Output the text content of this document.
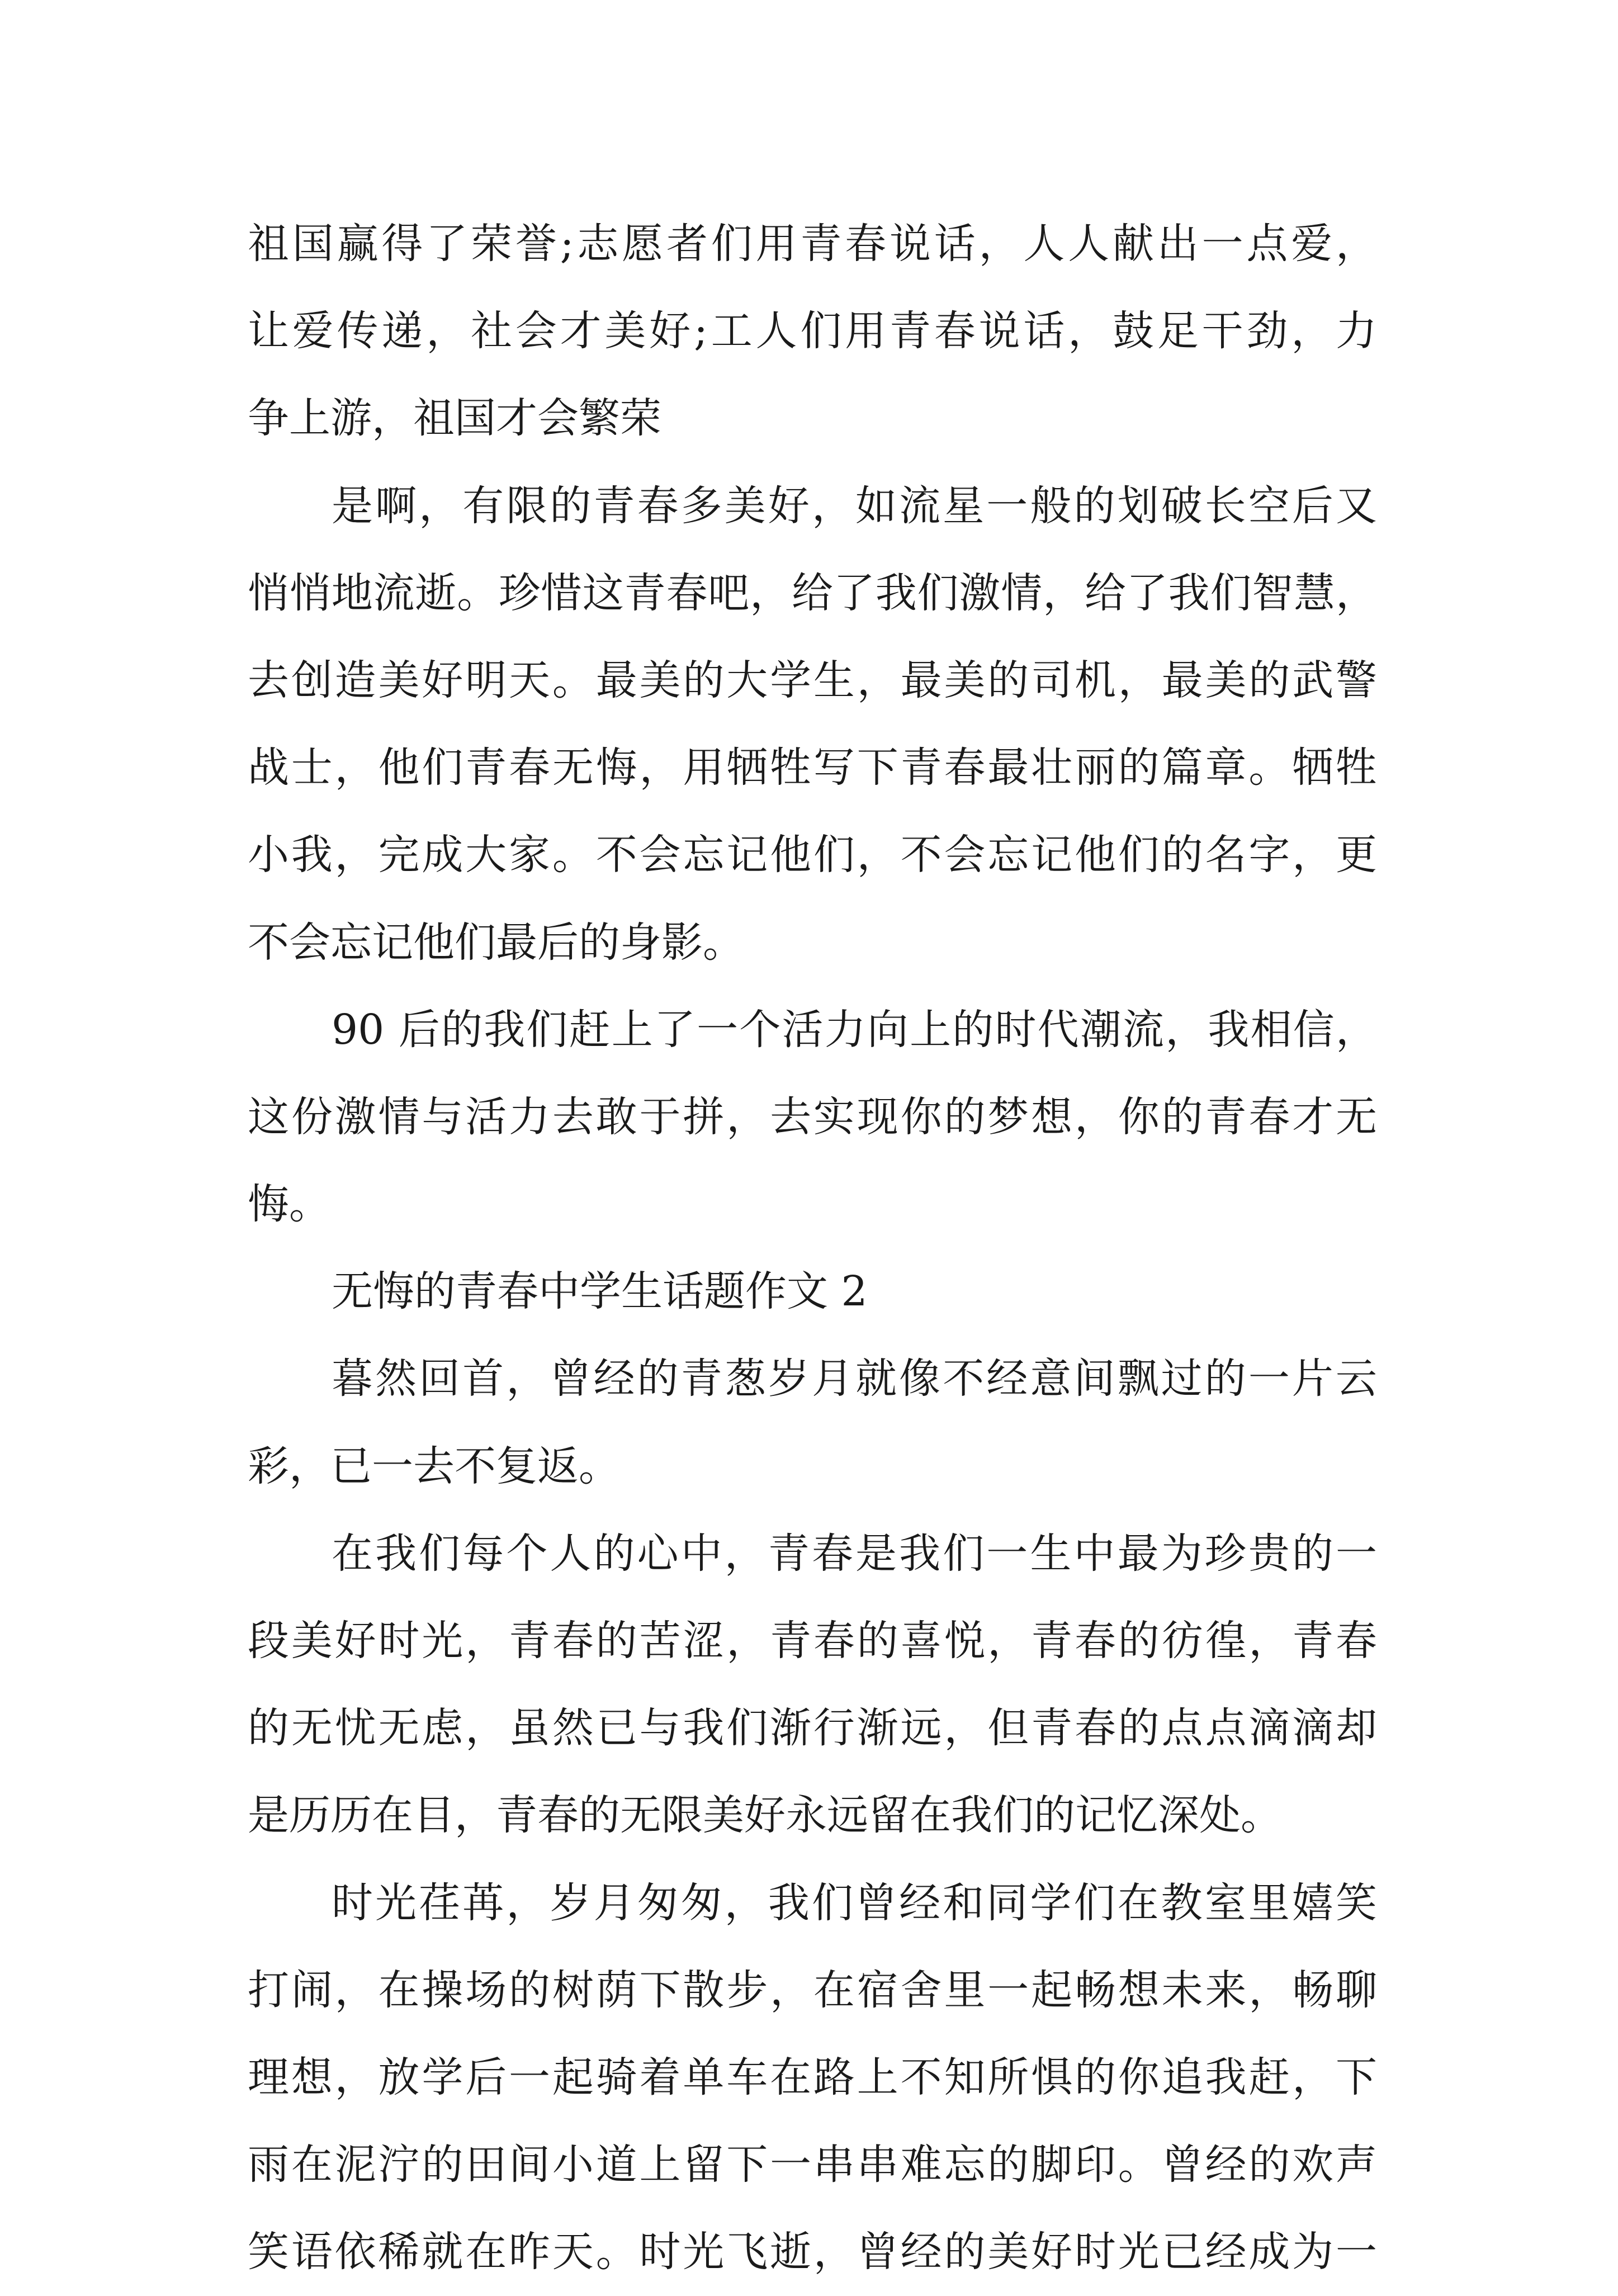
祖国赢得了荣誉;志愿者们用青春说话，人人献出一点爱，
让爱传递，社会才美好;工人们用青春说话，鼓足干劲，力
争上游，祖国才会繁荣
是啊，有限的青春多美好，如流星一般的划破长空后又
悄悄地流逝。珍惜这青春吧，给了我们激情，给了我们智慧，
去创造美好明天。最美的大学生，最美的司机，最美的武警
战士，他们青春无悔，用牺牲写下青春最壮丽的篇章。牺牲
小我，完成大家。不会忘记他们，不会忘记他们的名字，更
不会忘记他们最后的身影。
90 后的我们赶上了一个活力向上的时代潮流，我相信，
这份激情与活力去敢于拼，去实现你的梦想，你的青春才无
悔。
无悔的青春中学生话题作文 2
暮然回首，曾经的青葱岁月就像不经意间飘过的一片云
彩，已一去不复返。
在我们每个人的心中，青春是我们一生中最为珍贵的一
段美好时光，青春的苦涩，青春的喜悦，青春的彷徨，青春
的无忧无虑，虽然已与我们渐行渐远，但青春的点点滴滴却
是历历在目，青春的无限美好永远留在我们的记忆深处。
时光荏苒，岁月匆匆，我们曾经和同学们在教室里嬉笑
打闹，在操场的树荫下散步，在宿舍里一起畅想未来，畅聊
理想，放学后一起骑着单车在路上不知所惧的你追我赶，下
雨在泥泞的田间小道上留下一串串难忘的脚印。曾经的欢声
笑语依稀就在昨天。时光飞逝，曾经的美好时光已经成为一
